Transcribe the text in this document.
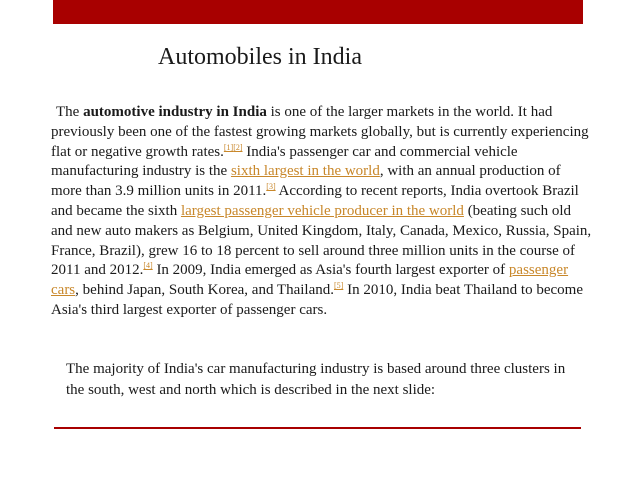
Automobiles in India

The automotive industry in India is one of the larger markets in the world. It had previously been one of the fastest growing markets globally, but is currently experiencing flat or negative growth rates.[1][2] India's passenger car and commercial vehicle manufacturing industry is the sixth largest in the world, with an annual production of more than 3.9 million units in 2011.[3] According to recent reports, India overtook Brazil and became the sixth largest passenger vehicle producer in the world (beating such old and new auto makers as Belgium, United Kingdom, Italy, Canada, Mexico, Russia, Spain, France, Brazil), grew 16 to 18 percent to sell around three million units in the course of 2011 and 2012.[4] In 2009, India emerged as Asia's fourth largest exporter of passenger cars, behind Japan, South Korea, and Thailand.[5] In 2010, India beat Thailand to become Asia's third largest exporter of passenger cars.

The majority of India's car manufacturing industry is based around three clusters in the south, west and north which is described in the next slide:
